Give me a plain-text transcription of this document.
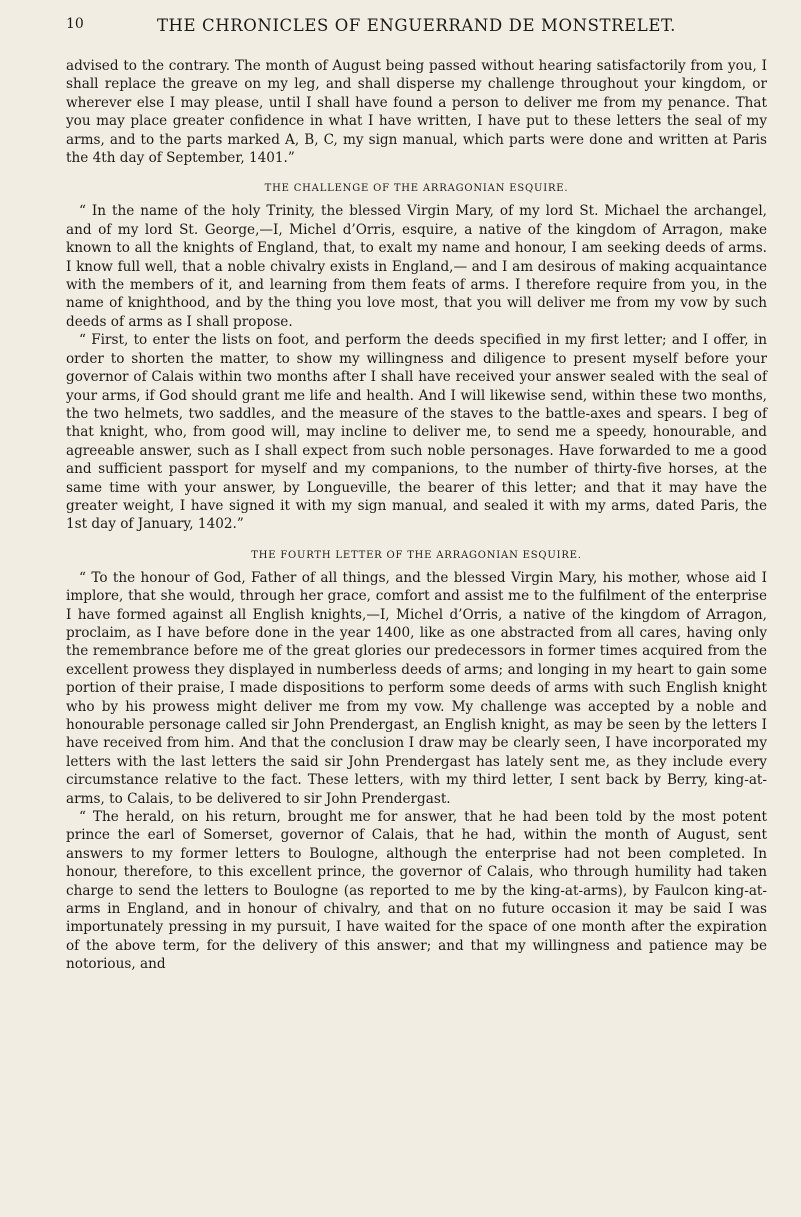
10	THE CHRONICLES OF ENGUERRAND DE MONSTRELET.

advised to the contrary. The month of August being passed without hearing satisfactorily from you, I shall replace the greave on my leg, and shall disperse my challenge throughout your kingdom, or wherever else I may please, until I shall have found a person to deliver me from my penance. That you may place greater confidence in what I have written, I have put to these letters the seal of my arms, and to the parts marked A, B, C, my sign manual, which parts were done and written at Paris the 4th day of September, 1401.”

THE CHALLENGE OF THE ARRAGONIAN ESQUIRE.

“ In the name of the holy Trinity, the blessed Virgin Mary, of my lord St. Michael the archangel, and of my lord St. George,—I, Michel d’Orris, esquire, a native of the kingdom of Arragon, make known to all the knights of England, that, to exalt my name and honour, I am seeking deeds of arms. I know full well, that a noble chivalry exists in England,— and I am desirous of making acquaintance with the members of it, and learning from them feats of arms. I therefore require from you, in the name of knighthood, and by the thing you love most, that you will deliver me from my vow by such deeds of arms as I shall propose.

“ First, to enter the lists on foot, and perform the deeds specified in my first letter; and I offer, in order to shorten the matter, to show my willingness and diligence to present myself before your governor of Calais within two months after I shall have received your answer sealed with the seal of your arms, if God should grant me life and health. And I will likewise send, within these two months, the two helmets, two saddles, and the measure of the staves to the battle-axes and spears. I beg of that knight, who, from good will, may incline to deliver me, to send me a speedy, honourable, and agreeable answer, such as I shall expect from such noble personages. Have forwarded to me a good and sufficient passport for myself and my companions, to the number of thirty-five horses, at the same time with your answer, by Longueville, the bearer of this letter; and that it may have the greater weight, I have signed it with my sign manual, and sealed it with my arms, dated Paris, the 1st day of January, 1402.”

THE FOURTH LETTER OF THE ARRAGONIAN ESQUIRE.

“ To the honour of God, Father of all things, and the blessed Virgin Mary, his mother, whose aid I implore, that she would, through her grace, comfort and assist me to the fulfilment of the enterprise I have formed against all English knights,—I, Michel d’Orris, a native of the kingdom of Arragon, proclaim, as I have before done in the year 1400, like as one abstracted from all cares, having only the remembrance before me of the great glories our predecessors in former times acquired from the excellent prowess they displayed in numberless deeds of arms; and longing in my heart to gain some portion of their praise, I made dispositions to perform some deeds of arms with such English knight who by his prowess might deliver me from my vow. My challenge was accepted by a noble and honourable personage called sir John Prendergast, an English knight, as may be seen by the letters I have received from him. And that the conclusion I draw may be clearly seen, I have incorporated my letters with the last letters the said sir John Prendergast has lately sent me, as they include every circumstance relative to the fact. These letters, with my third letter, I sent back by Berry, king-at-arms, to Calais, to be delivered to sir John Prendergast.

“ The herald, on his return, brought me for answer, that he had been told by the most potent prince the earl of Somerset, governor of Calais, that he had, within the month of August, sent answers to my former letters to Boulogne, although the enterprise had not been completed. In honour, therefore, to this excellent prince, the governor of Calais, who through humility had taken charge to send the letters to Boulogne (as reported to me by the king-at-arms), by Faulcon king-at-arms in England, and in honour of chivalry, and that on no future occasion it may be said I was importunately pressing in my pursuit, I have waited for the space of one month after the expiration of the above term, for the delivery of this answer; and that my willingness and patience may be notorious, and
